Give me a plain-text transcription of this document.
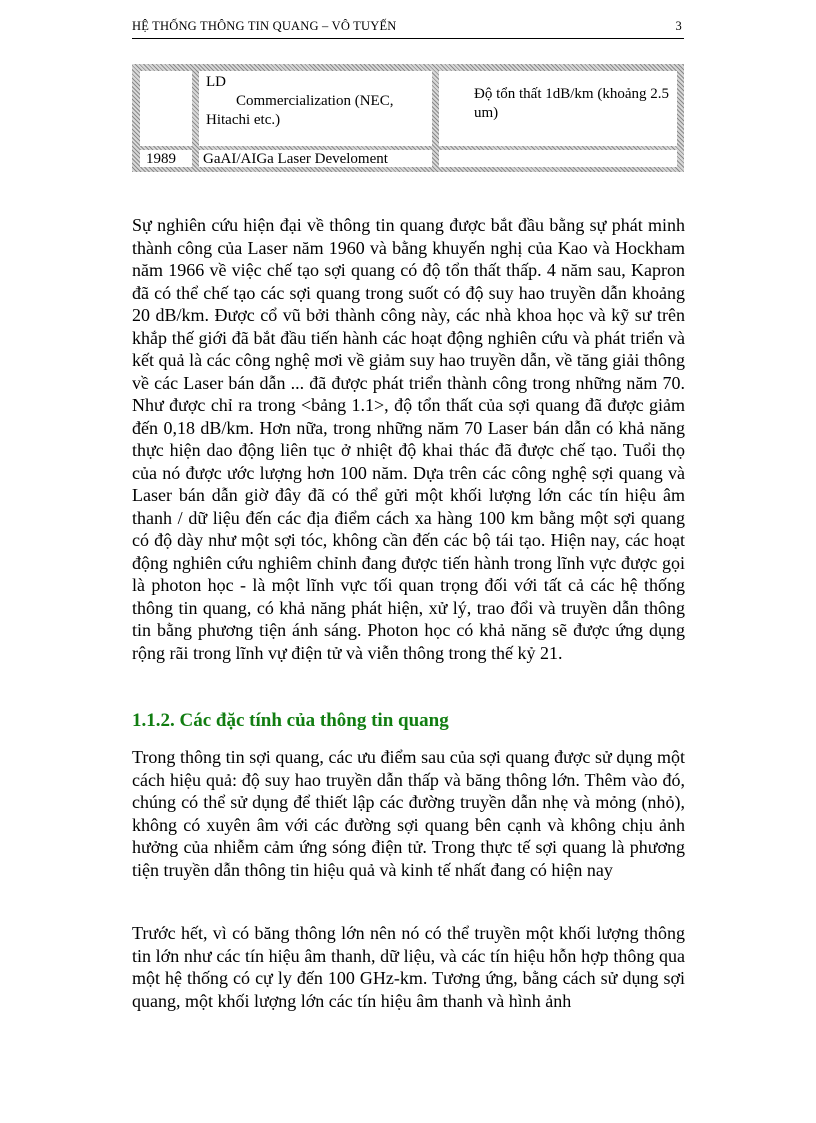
HỆ THỐNG THÔNG TIN QUANG – VÔ TUYẾN	3
LD

Commercialization (NEC,
Hitachi etc.)
Độ tổn thất 1dB/km (khoảng 2.5 um)
1989	GaAI/AIGa Laser Develoment

Sự nghiên cứu hiện đại về thông tin quang được bắt đầu bằng sự phát minh thành công của Laser năm 1960 và bằng khuyến nghị của Kao và Hockham năm 1966 về việc chế tạo sợi quang có độ tổn thất thấp. 4 năm sau, Kapron đã có thể chế tạo các sợi quang trong suốt có độ suy hao truyền dẫn khoảng 20 dB/km. Được cổ vũ bởi thành công này, các nhà khoa học và kỹ sư trên khắp thế giới đã bắt đầu tiến hành các hoạt động nghiên cứu và phát triển và kết quả là các công nghệ mơi về giảm suy hao truyền dẫn, về tăng giải thông về các Laser bán dẫn ... đã được phát triển thành công trong những năm 70. Như được chỉ ra trong <bảng 1.1>, độ tổn thất của sợi quang đã được giảm đến 0,18 dB/km. Hơn nữa, trong những năm 70 Laser bán dẫn có khả năng thực hiện dao động liên tục ở nhiệt độ khai thác đã được chế tạo. Tuổi thọ của nó được ước lượng hơn 100 năm. Dựa trên các công nghệ sợi quang và Laser bán dẫn giờ đây đã có thể gửi một khối lượng lớn các tín hiệu âm thanh / dữ liệu đến các địa điểm cách xa hàng 100 km bằng một sợi quang có độ dày như một sợi tóc, không cần đến các bộ tái tạo. Hiện nay, các hoạt động nghiên cứu nghiêm chỉnh đang được tiến hành trong lĩnh vực được gọi là photon học - là một lĩnh vực tối quan trọng đối với tất cả các hệ thống thông tin quang, có khả năng phát hiện, xử lý, trao đổi và truyền dẫn thông tin bằng phương tiện ánh sáng. Photon học có khả năng sẽ được ứng dụng rộng rãi trong lĩnh vự điện tử và viễn thông trong thế kỷ 21.

1.1.2. Các đặc tính của thông tin quang

Trong thông tin sợi quang, các ưu điểm sau của sợi quang được sử dụng một cách hiệu quả: độ suy hao truyền dẫn thấp và băng thông lớn. Thêm vào đó, chúng có thể sử dụng để thiết lập các đường truyền dẫn nhẹ và mỏng (nhỏ), không có xuyên âm với các đường sợi quang bên cạnh và không chịu ảnh hưởng của nhiễm cảm ứng sóng điện tử. Trong thực tế sợi quang là phương tiện truyền dẫn thông tin hiệu quả và kinh tế nhất đang có hiện nay

Trước hết, vì có băng thông lớn nên nó có thể truyền một khối lượng thông tin lớn như các tín hiệu âm thanh, dữ liệu, và các tín hiệu hỗn hợp thông qua một hệ thống có cự ly đến 100 GHz-km. Tương ứng, bằng cách sử dụng sợi quang, một khối lượng lớn các tín hiệu âm thanh và hình ảnh
